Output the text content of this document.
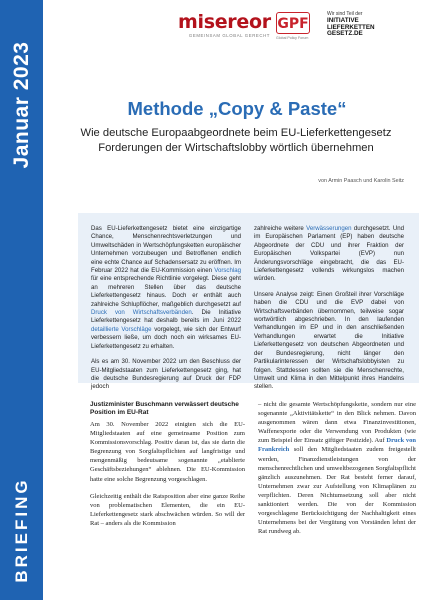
Januar 2023
BRIEFING
misereor
GEMEINSAM GLOBAL GERECHT
GPF
Global Policy Forum
Wir sind Teil der
INITIATIVE
LIEFERKETTEN
GESETZ.DE
Methode „Copy & Paste“
Wie deutsche Europaabgeordnete beim EU-Lieferkettengesetz
Forderungen der Wirtschaftslobby wörtlich übernehmen
von Armin Paasch und Karolin Seitz

Das EU-Lieferkettengesetz bietet eine einzigartige Chance, Menschenrechtsverletzungen und Umweltschäden in Wertschöpfungsketten europäischer Unternehmen vorzubeugen und Betroffenen endlich eine echte Chance auf Schadensersatz zu eröffnen. Im Februar 2022 hat die EU-Kommission einen Vorschlag für eine entsprechende Richtlinie vorgelegt. Diese geht an mehreren Stellen über das deutsche Lieferkettengesetz hinaus. Doch er enthält auch zahlreiche Schlupflöcher, maßgeblich durchgesetzt auf Druck von Wirtschaftsverbänden. Die Initiative Lieferkettengesetz hat deshalb bereits im Juni 2022 detaillierte Vorschläge vorgelegt, wie sich der Entwurf verbessern ließe, um doch noch ein wirksames EU-Lieferkettengesetz zu erhalten.

Als es am 30. November 2022 um den Beschluss der EU-Mitgliedstaaten zum Lieferkettengesetz ging, hat die deutsche Bundesregierung auf Druck der FDP jedoch

zahlreiche weitere Verwässerungen durchgesetzt. Und im Europäischen Parlament (EP) haben deutsche Abgeordnete der CDU und ihrer Fraktion der Europäischen Volkspartei (EVP) nun Änderungsvorschläge eingebracht, die das EU-Lieferkettengesetz vollends wirkungslos machen würden.

Unsere Analyse zeigt: Einen Großteil ihrer Vorschläge haben die CDU und die EVP dabei von Wirtschaftsverbänden übernommen, teilweise sogar wortwörtlich abgeschrieben. In den laufenden Verhandlungen im EP und in den anschließenden Verhandlungen erwartet die Initiative Lieferkettengesetz von deutschen Abgeordneten und der Bundesregierung, nicht länger den Partikularinteressen der Wirtschaftslobbyisten zu folgen. Stattdessen sollten sie die Menschenrechte, Umwelt und Klima in den Mittelpunkt ihres Handelns stellen.

Justizminister Buschmann verwässert deutsche Position im EU-Rat

Am 30. November 2022 einigten sich die EU-Mitgliedstaaten auf eine gemeinsame Position zum Kommissionsvorschlag. Positiv daran ist, das sie darin die Begrenzung von Sorgfaltspflichten auf langfristige und mengenmäßig bedeutsame sogenannte „etablierte Geschäftsbeziehungen“ ablehnen. Die EU-Kommission hatte eine solche Begrenzung vorgeschlagen.

Gleichzeitig enthält die Ratsposition aber eine ganze Reihe von problematischen Elementen, die ein EU-Lieferkettengesetz stark abschwächen würden. So will der Rat – anders als die Kommission

– nicht die gesamte Wertschöpfungskette, sondern nur eine sogenannte „Aktivitätskette“ in den Blick nehmen. Davon ausgenommen wären dann etwa Finanzinvestitionen, Waffenexporte oder die Verwendung von Produkten (wie zum Beispiel der Einsatz giftiger Pestizide). Auf Druck von Frankreich soll den Mitgliedstaaten zudem freigestellt werden, Finanzdienstleistungen von der menschenrechtlichen und umweltbezogenen Sorgfaltspflicht gänzlich auszunehmen. Der Rat besteht ferner darauf, Unternehmen zwar zur Aufstellung von Klimaplänen zu verpflichten. Deren Nichtumsetzung soll aber nicht sanktioniert werden. Die von der Kommission vorgeschlagene Berücksichtigung der Nachhaltigkeit eines Unternehmens bei der Vergütung von Vorständen lehnt der Rat rundweg ab.
